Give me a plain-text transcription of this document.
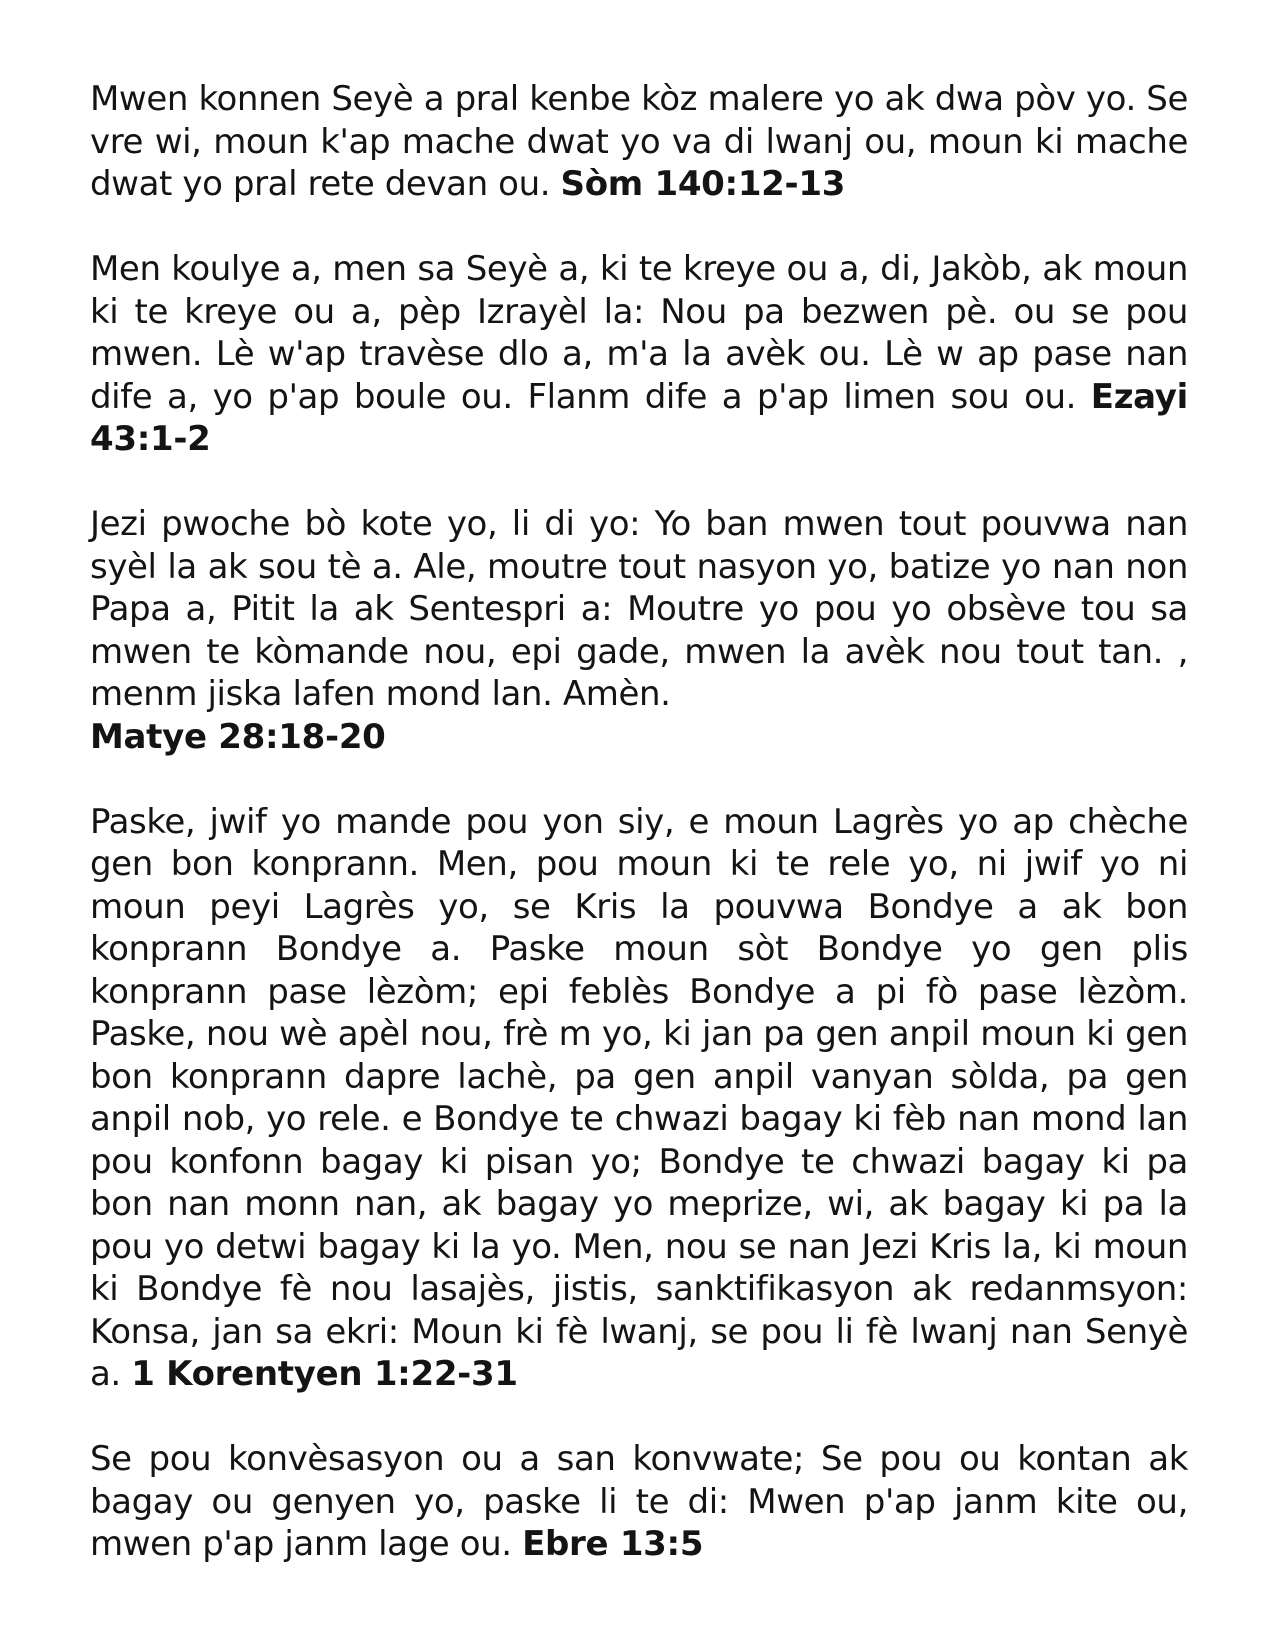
Mwen konnen Seyè a pral kenbe kòz malere yo ak dwa pòv yo. Se vre wi, moun k'ap mache dwat yo va di lwanj ou, moun ki mache dwat yo pral rete devan ou. Sòm 140:12-13

Men koulye a, men sa Seyè a, ki te kreye ou a, di, Jakòb, ak moun ki te kreye ou a, pèp Izrayèl la: Nou pa bezwen pè. ou se pou mwen. Lè w'ap travèse dlo a, m'a la avèk ou. Lè w ap pase nan dife a, yo p'ap boule ou. Flanm dife a p'ap limen sou ou. Ezayi 43:1-2

Jezi pwoche bò kote yo, li di yo: Yo ban mwen tout pouvwa nan syèl la ak sou tè a. Ale, moutre tout nasyon yo, batize yo nan non Papa a, Pitit la ak Sentespri a: Moutre yo pou yo obsève tou sa mwen te kòmande nou, epi gade, mwen la avèk nou tout tan. , menm jiska lafen mond lan. Amèn.
Matye 28:18-20

Paske, jwif yo mande pou yon siy, e moun Lagrès yo ap chèche gen bon konprann. Men, pou moun ki te rele yo, ni jwif yo ni moun peyi Lagrès yo, se Kris la pouvwa Bondye a ak bon konprann Bondye a. Paske moun sòt Bondye yo gen plis konprann pase lèzòm; epi feblès Bondye a pi fò pase lèzòm. Paske, nou wè apèl nou, frè m yo, ki jan pa gen anpil moun ki gen bon konprann dapre lachè, pa gen anpil vanyan sòlda, pa gen anpil nob, yo rele. e Bondye te chwazi bagay ki fèb nan mond lan pou konfonn bagay ki pisan yo; Bondye te chwazi bagay ki pa bon nan monn nan, ak bagay yo meprize, wi, ak bagay ki pa la pou yo detwi bagay ki la yo. Men, nou se nan Jezi Kris la, ki moun ki Bondye fè nou lasajès, jistis, sanktifikasyon ak redanmsyon: Konsa, jan sa ekri: Moun ki fè lwanj, se pou li fè lwanj nan Senyè a. 1 Korentyen 1:22-31

Se pou konvèsasyon ou a san konvwate; Se pou ou kontan ak bagay ou genyen yo, paske li te di: Mwen p'ap janm kite ou, mwen p'ap janm lage ou. Ebre 13:5
